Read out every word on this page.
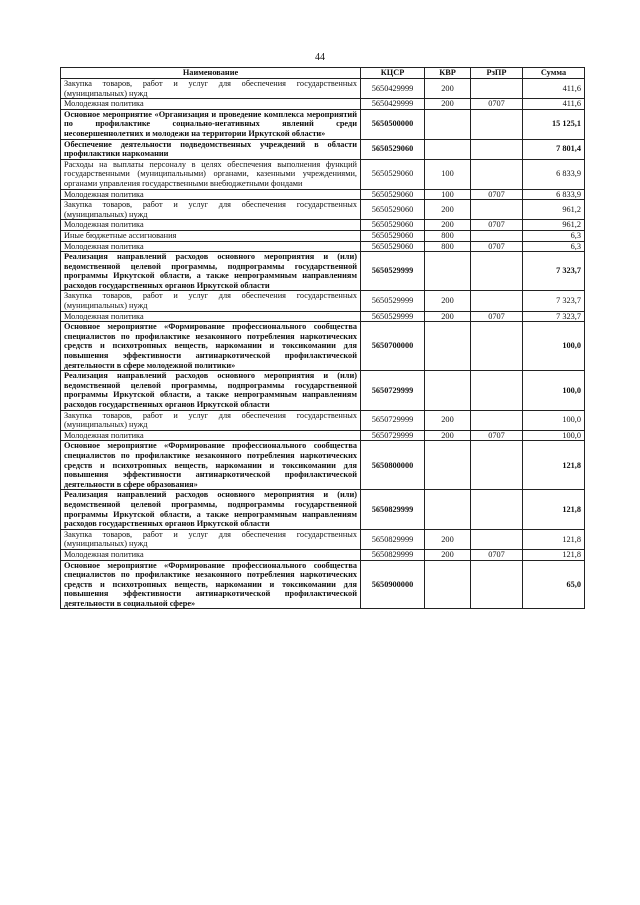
44
Наименование	КЦСР	КВР	РзПР	Сумма
Закупка товаров, работ и услуг для обеспечения государственных (муниципальных) нужд	5650429999	200		411,6
Молодежная политика	5650429999	200	0707	411,6
Основное мероприятие «Организация и проведение комплекса мероприятий по профилактике социально-негативных явлений среди несовершеннолетних и молодежи на территории Иркутской области»	5650500000			15 125,1
Обеспечение деятельности подведомственных учреждений в области профилактики наркомании	5650529060			7 801,4
Расходы на выплаты персоналу в целях обеспечения выполнения функций государственными (муниципальными) органами, казенными учреждениями, органами управления государственными внебюджетными фондами	5650529060	100		6 833,9
Молодежная политика	5650529060	100	0707	6 833,9
Закупка товаров, работ и услуг для обеспечения государственных (муниципальных) нужд	5650529060	200		961,2
Молодежная политика	5650529060	200	0707	961,2
Иные бюджетные ассигнования	5650529060	800		6,3
Молодежная политика	5650529060	800	0707	6,3
Реализация направлений расходов основного мероприятия и (или) ведомственной целевой программы, подпрограммы государственной программы Иркутской области, а также непрограммным направлениям расходов государственных органов Иркутской области	5650529999			7 323,7
Закупка товаров, работ и услуг для обеспечения государственных (муниципальных) нужд	5650529999	200		7 323,7
Молодежная политика	5650529999	200	0707	7 323,7
Основное мероприятие «Формирование профессионального сообщества специалистов по профилактике незаконного потребления наркотических средств и психотропных веществ, наркомании и токсикомании для повышения эффективности антинаркотической профилактической деятельности в сфере молодежной политики»	5650700000			100,0
Реализация направлений расходов основного мероприятия и (или) ведомственной целевой программы, подпрограммы государственной программы Иркутской области, а также непрограммным направлениям расходов государственных органов Иркутской области	5650729999			100,0
Закупка товаров, работ и услуг для обеспечения государственных (муниципальных) нужд	5650729999	200		100,0
Молодежная политика	5650729999	200	0707	100,0
Основное мероприятие «Формирование профессионального сообщества специалистов по профилактике незаконного потребления наркотических средств и психотропных веществ, наркомании и токсикомании для повышения эффективности антинаркотической профилактической деятельности в сфере образования»	5650800000			121,8
Реализация направлений расходов основного мероприятия и (или) ведомственной целевой программы, подпрограммы государственной программы Иркутской области, а также непрограммным направлениям расходов государственных органов Иркутской области	5650829999			121,8
Закупка товаров, работ и услуг для обеспечения государственных (муниципальных) нужд	5650829999	200		121,8
Молодежная политика	5650829999	200	0707	121,8
Основное мероприятие «Формирование профессионального сообщества специалистов по профилактике незаконного потребления наркотических средств и психотропных веществ, наркомании и токсикомании для повышения эффективности антинаркотической профилактической деятельности в социальной сфере»	5650900000			65,0
